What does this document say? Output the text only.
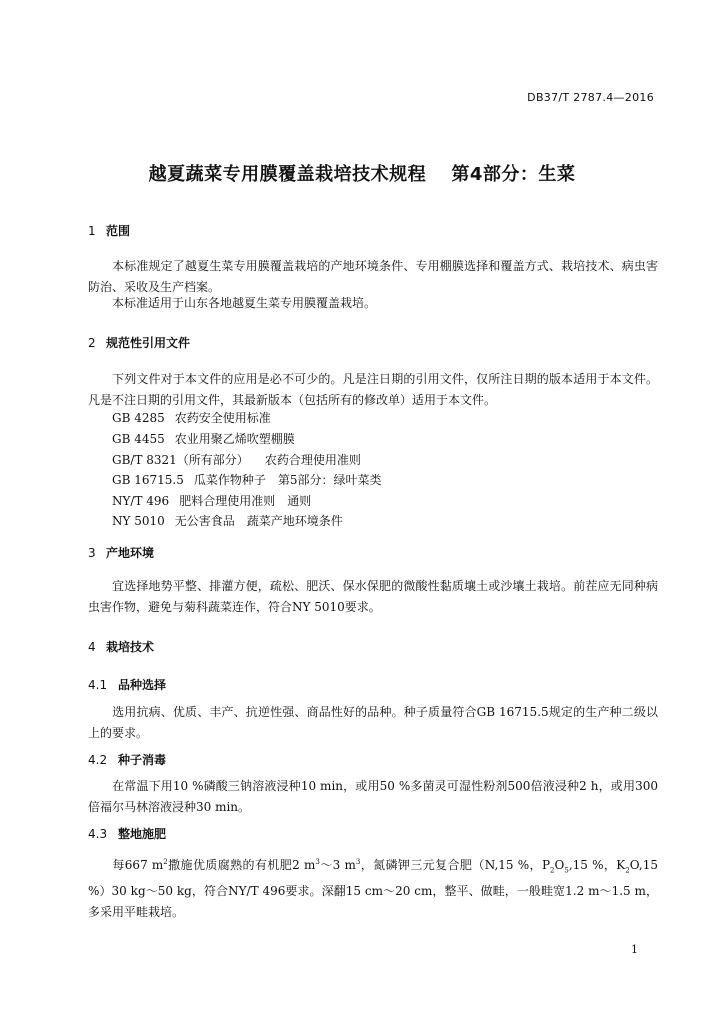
DB37/T 2787.4—2016
越夏蔬菜专用膜覆盖栽培技术规程　 第4部分：生菜
1 范围
本标准规定了越夏生菜专用膜覆盖栽培的产地环境条件、专用棚膜选择和覆盖方式、栽培技术、病虫害防治、采收及生产档案。
本标准适用于山东各地越夏生菜专用膜覆盖栽培。
2 规范性引用文件
下列文件对于本文件的应用是必不可少的。凡是注日期的引用文件，仅所注日期的版本适用于本文件。凡是不注日期的引用文件，其最新版本（包括所有的修改单）适用于本文件。
GB 4285 农药安全使用标准
GB 4455 农业用聚乙烯吹塑棚膜
GB/T 8321（所有部分） 农药合理使用准则
GB 16715.5 瓜菜作物种子　第5部分：绿叶菜类
NY/T 496 肥料合理使用准则　通则
NY 5010 无公害食品　蔬菜产地环境条件
3 产地环境
宜选择地势平整、排灌方便，疏松、肥沃、保水保肥的微酸性黏质壤土或沙壤土栽培。前茬应无同种病虫害作物，避免与菊科蔬菜连作，符合NY 5010要求。
4 栽培技术
4.1 品种选择
选用抗病、优质、丰产、抗逆性强、商品性好的品种。种子质量符合GB 16715.5规定的生产种二级以上的要求。
4.2 种子消毒
在常温下用10 %磷酸三钠溶液浸种10 min，或用50 %多菌灵可湿性粉剂500倍液浸种2 h，或用300倍福尔马林溶液浸种30 min。
4.3 整地施肥
每667 $m^2$撒施优质腐熟的有机肥2 $m^3\sim 3$ $m^3$，氮磷钾三元复合肥（N,15 %，$P_2O_5,15$ %，$K_2O,15$ %）30 kg～50 kg，符合NY/T 496要求。深翻15 cm～20 cm，整平、做畦，一般畦宽1.2 m～1.5 m，多采用平畦栽培。
1
